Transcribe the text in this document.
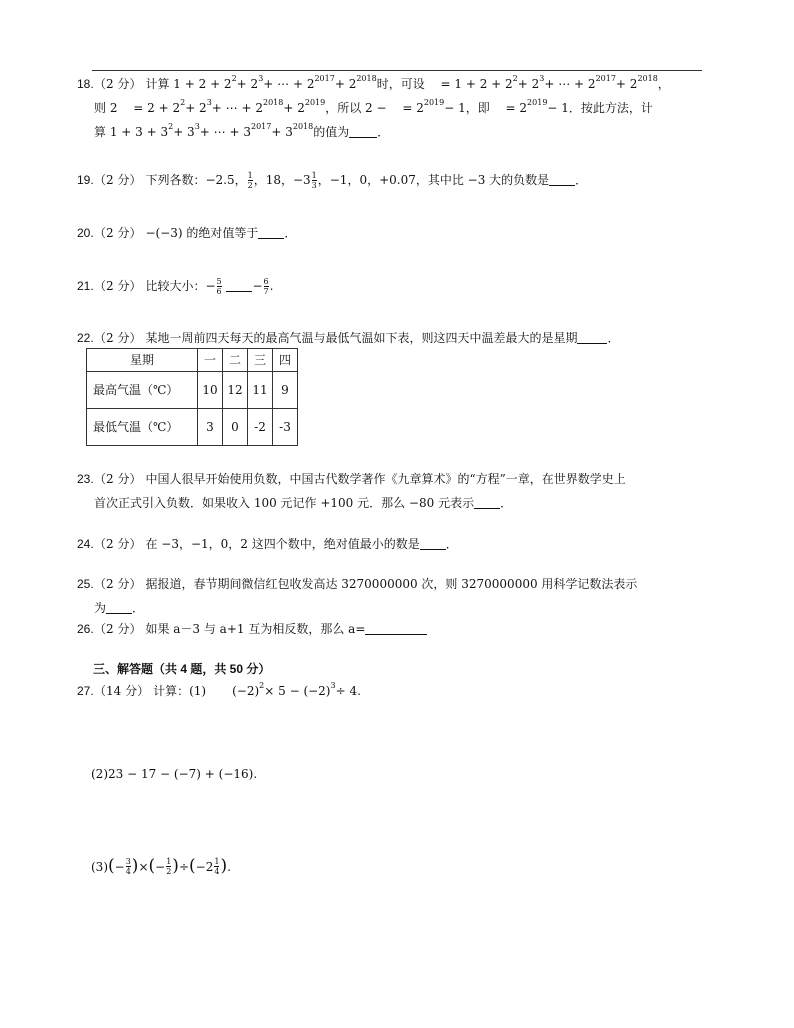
18. （2 分） 计算
$1 + 2 + 2^2 + 2^3$ + ⋯ + $2^{2017} + 2^{2018}$ 时，可设　 = $1 + 2 + 2^2 + 2^3$ + ⋯ + $2^{2017} + 2^{2018}$ ，
则 2 　= $2 + 2^2 + 2^3$ + ⋯ + $2^{2018} + 2^{2019}$ ，所以 2 − 　= $2^{2019} - 1$，即 　= $2^{2019} - 1$．按此方法，计
算 $1 + 3 + 3^2 + 3^3$ + ⋯ + $3^{2017} + 3^{2018}$ 的值为 ．
19. （2 分） 下列各数：−2.5， 1
2 ，18，−3 1
3 ，−1，0，+0.07，其中比 −3 大的负数是 ．
20. （2 分） −(−3) 的绝对值等于 ．
21. （2 分） 比较大小：− 5
6
	− 6
7 .
22. （2 分） 某地一周前四天每天的最高气温与最低气温如下表，则这四天中温差最大的是星期	．
星期	一	二	三	四
最高气温（℃）	10	12	11	9
最低气温（℃）	3	0	-2	-3
23. （2 分） 中国人很早开始使用负数，中国古代数学著作《九章算术》的“方程”一章，在世界数学史上
首次正式引入负数．如果收入 100 元记作 +100 元．那么 −80 元表示 ．
24. （2 分） 在 −3，−1，0，2 这四个数中，绝对值最小的数是 ．
25. （2 分） 据报道，春节期间微信红包收发高达 3270000000 次，则 3270000000 用科学记数法表示
为 ．
26. （2 分） 如果 a－3 与 a+1 互为相反数，那么 a=
三、解答题（共 4 题，共 50 分）
27. （14 分） 计算：(1) $(-2)^2 \times 5 - (-2)^3 \div 4$.
(2)23 − 17 − (−7) + (−16).
(3) ( − 3
4 ) × ( − 1
2 ) ÷ ( −2 1
4 ) .
